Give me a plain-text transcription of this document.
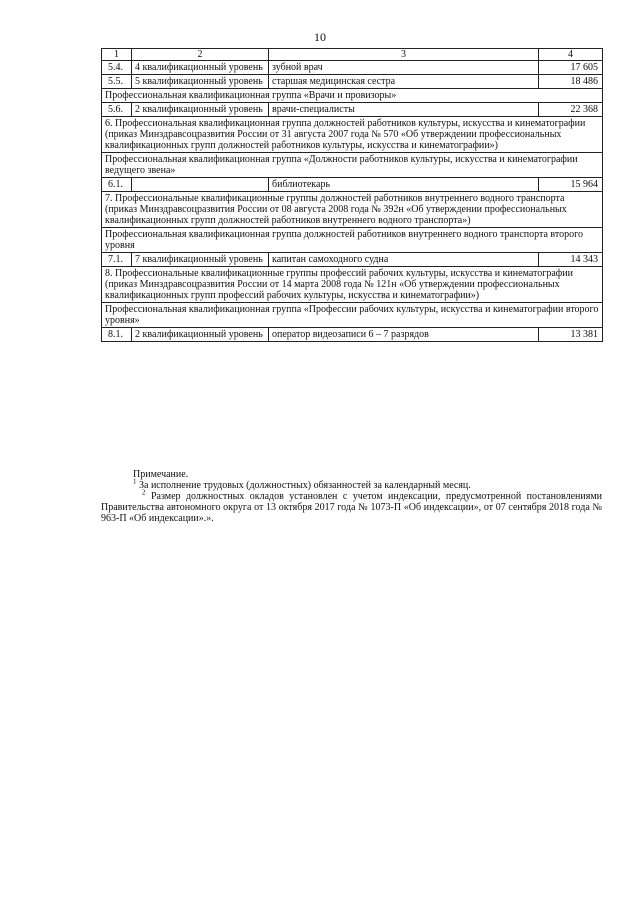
10
1	2	3	4
5.4.	4 квалификационный уровень	зубной врач	17 605
5.5.	5 квалификационный уровень	старшая медицинская сестра	18 486
Профессиональная квалификационная группа «Врачи и провизоры»			
5.6.	2 квалификационный уровень	врачи-специалисты	22 368
6. Профессиональная квалификационная группа должностей работников культуры, искусства и кинематографии (приказ Минздравсоцразвития России от 31 августа 2007 года № 570 «Об утверждении профессиональных квалификационных групп должностей работников культуры, искусства и кинематографии»)			
Профессиональная квалификационная группа «Должности работников культуры, искусства и кинематографии ведущего звена»			
6.1.		библиотекарь	15 964
7. Профессиональные квалификационные группы должностей работников внутреннего водного транспорта (приказ Минздравсоцразвития России от 08 августа 2008 года № 392н «Об утверждении профессиональных квалификационных групп должностей работников внутреннего водного транспорта»)			
Профессиональная квалификационная группа должностей работников внутреннего водного транспорта второго уровня			
7.1.	7 квалификационный уровень	капитан самоходного судна	14 343
8. Профессиональные квалификационные группы профессий рабочих культуры, искусства и кинематографии (приказ Минздравсоцразвития России от 14 марта 2008 года № 121н «Об утверждении профессиональных квалификационных групп профессий рабочих культуры, искусства и кинематографии»)			
Профессиональная квалификационная группа «Профессии рабочих культуры, искусства и кинематографии второго уровня»			
8.1.	2 квалификационный уровень	оператор видеозаписи 6 – 7 разрядов	13 381

Примечание.

$^1$ За исполнение трудовых (должностных) обязанностей за календарный месяц.

$^2$ Размер должностных окладов установлен с учетом индексации, предусмотренной постановлениями Правительства автономного округа от 13 октября 2017 года № 1073-П «Об индексации», от 07 сентября 2018 года № 963-П «Об индексации».».
